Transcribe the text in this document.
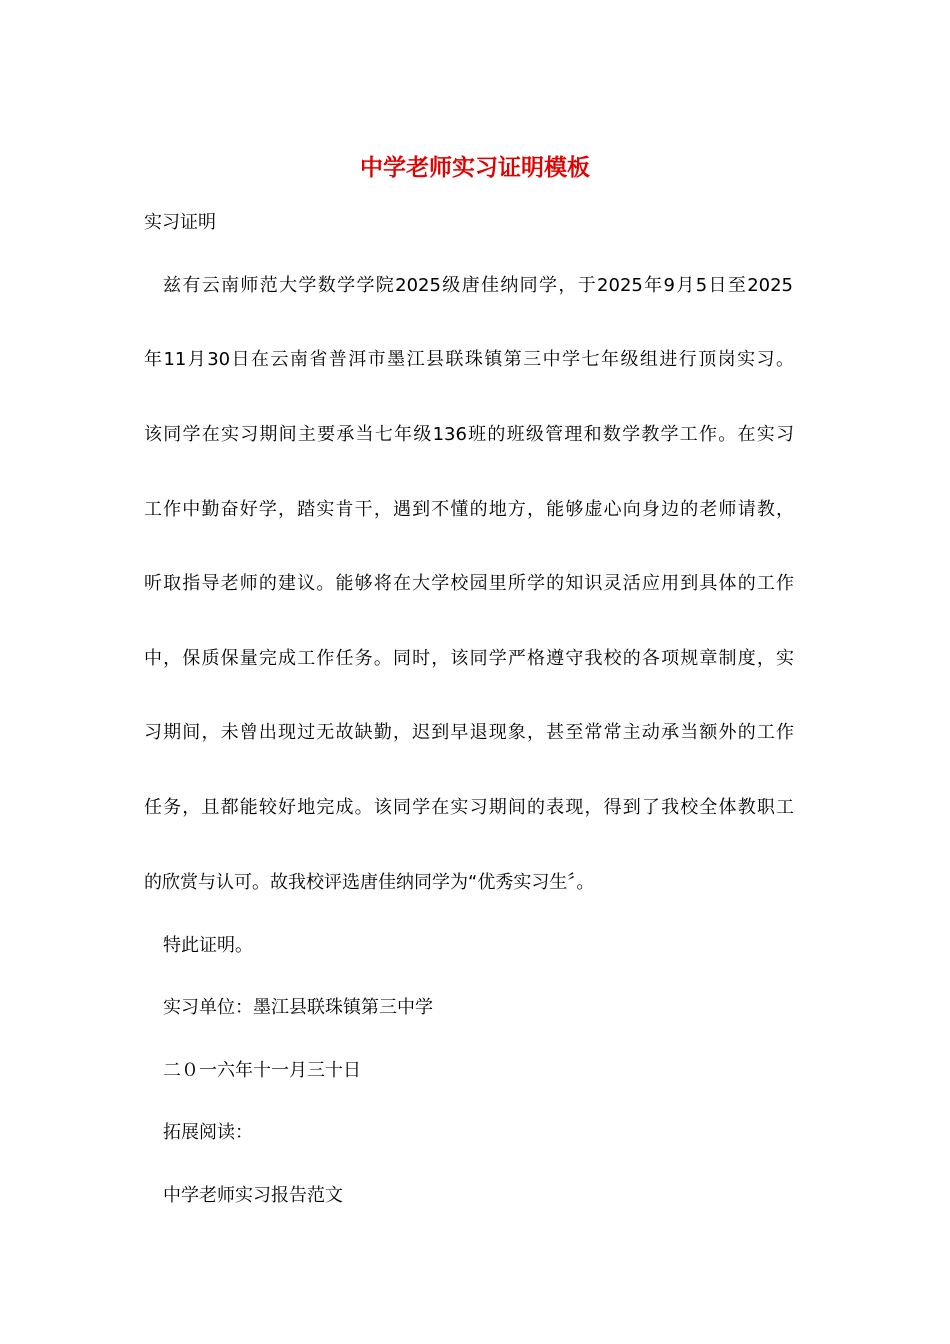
中学老师实习证明模板

实习证明

兹有云南师范大学数学学院2025级唐佳纳同学，于2025年9月5日至2025

年11月30日在云南省普洱市墨江县联珠镇第三中学七年级组进行顶岗实习。

该同学在实习期间主要承当七年级136班的班级管理和数学教学工作。在实习

工作中勤奋好学，踏实肯干，遇到不懂的地方，能够虚心向身边的老师请教，

听取指导老师的建议。能够将在大学校园里所学的知识灵活应用到具体的工作

中，保质保量完成工作任务。同时，该同学严格遵守我校的各项规章制度，实

习期间，未曾出现过无故缺勤，迟到早退现象，甚至常常主动承当额外的工作

任务，且都能较好地完成。该同学在实习期间的表现，得到了我校全体教职工

的欣赏与认可。故我校评选唐佳纳同学为“优秀实习生〞。

特此证明。

实习单位：墨江县联珠镇第三中学

二０一六年十一月三十日

拓展阅读：

中学老师实习报告范文
